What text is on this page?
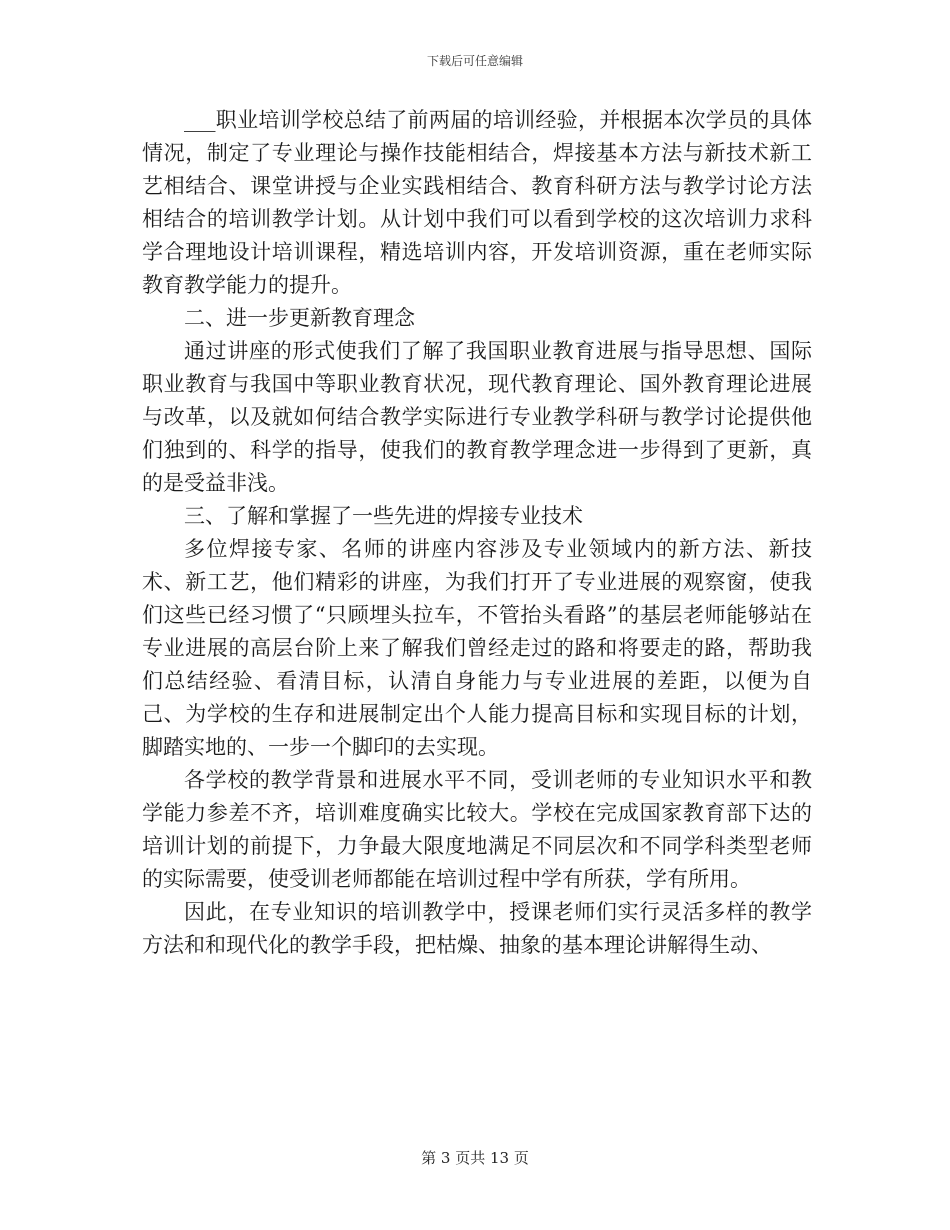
下载后可任意编辑

___职业培训学校总结了前两届的培训经验，并根据本次学员的具体情况，制定了专业理论与操作技能相结合，焊接基本方法与新技术新工艺相结合、课堂讲授与企业实践相结合、教育科研方法与教学讨论方法相结合的培训教学计划。从计划中我们可以看到学校的这次培训力求科学合理地设计培训课程，精选培训内容，开发培训资源，重在老师实际教育教学能力的提升。

二、进一步更新教育理念

通过讲座的形式使我们了解了我国职业教育进展与指导思想、国际职业教育与我国中等职业教育状况，现代教育理论、国外教育理论进展与改革，以及就如何结合教学实际进行专业教学科研与教学讨论提供他们独到的、科学的指导，使我们的教育教学理念进一步得到了更新，真的是受益非浅。

三、了解和掌握了一些先进的焊接专业技术

多位焊接专家、名师的讲座内容涉及专业领域内的新方法、新技术、新工艺，他们精彩的讲座，为我们打开了专业进展的观察窗，使我们这些已经习惯了“只顾埋头拉车，不管抬头看路”的基层老师能够站在专业进展的高层台阶上来了解我们曾经走过的路和将要走的路，帮助我们总结经验、看清目标，认清自身能力与专业进展的差距，以便为自己、为学校的生存和进展制定出个人能力提高目标和实现目标的计划，脚踏实地的、一步一个脚印的去实现。

各学校的教学背景和进展水平不同，受训老师的专业知识水平和教学能力参差不齐，培训难度确实比较大。学校在完成国家教育部下达的培训计划的前提下，力争最大限度地满足不同层次和不同学科类型老师的实际需要，使受训老师都能在培训过程中学有所获，学有所用。

因此，在专业知识的培训教学中，授课老师们实行灵活多样的教学方法和和现代化的教学手段，把枯燥、抽象的基本理论讲解得生动、

第 3 页共 13 页
